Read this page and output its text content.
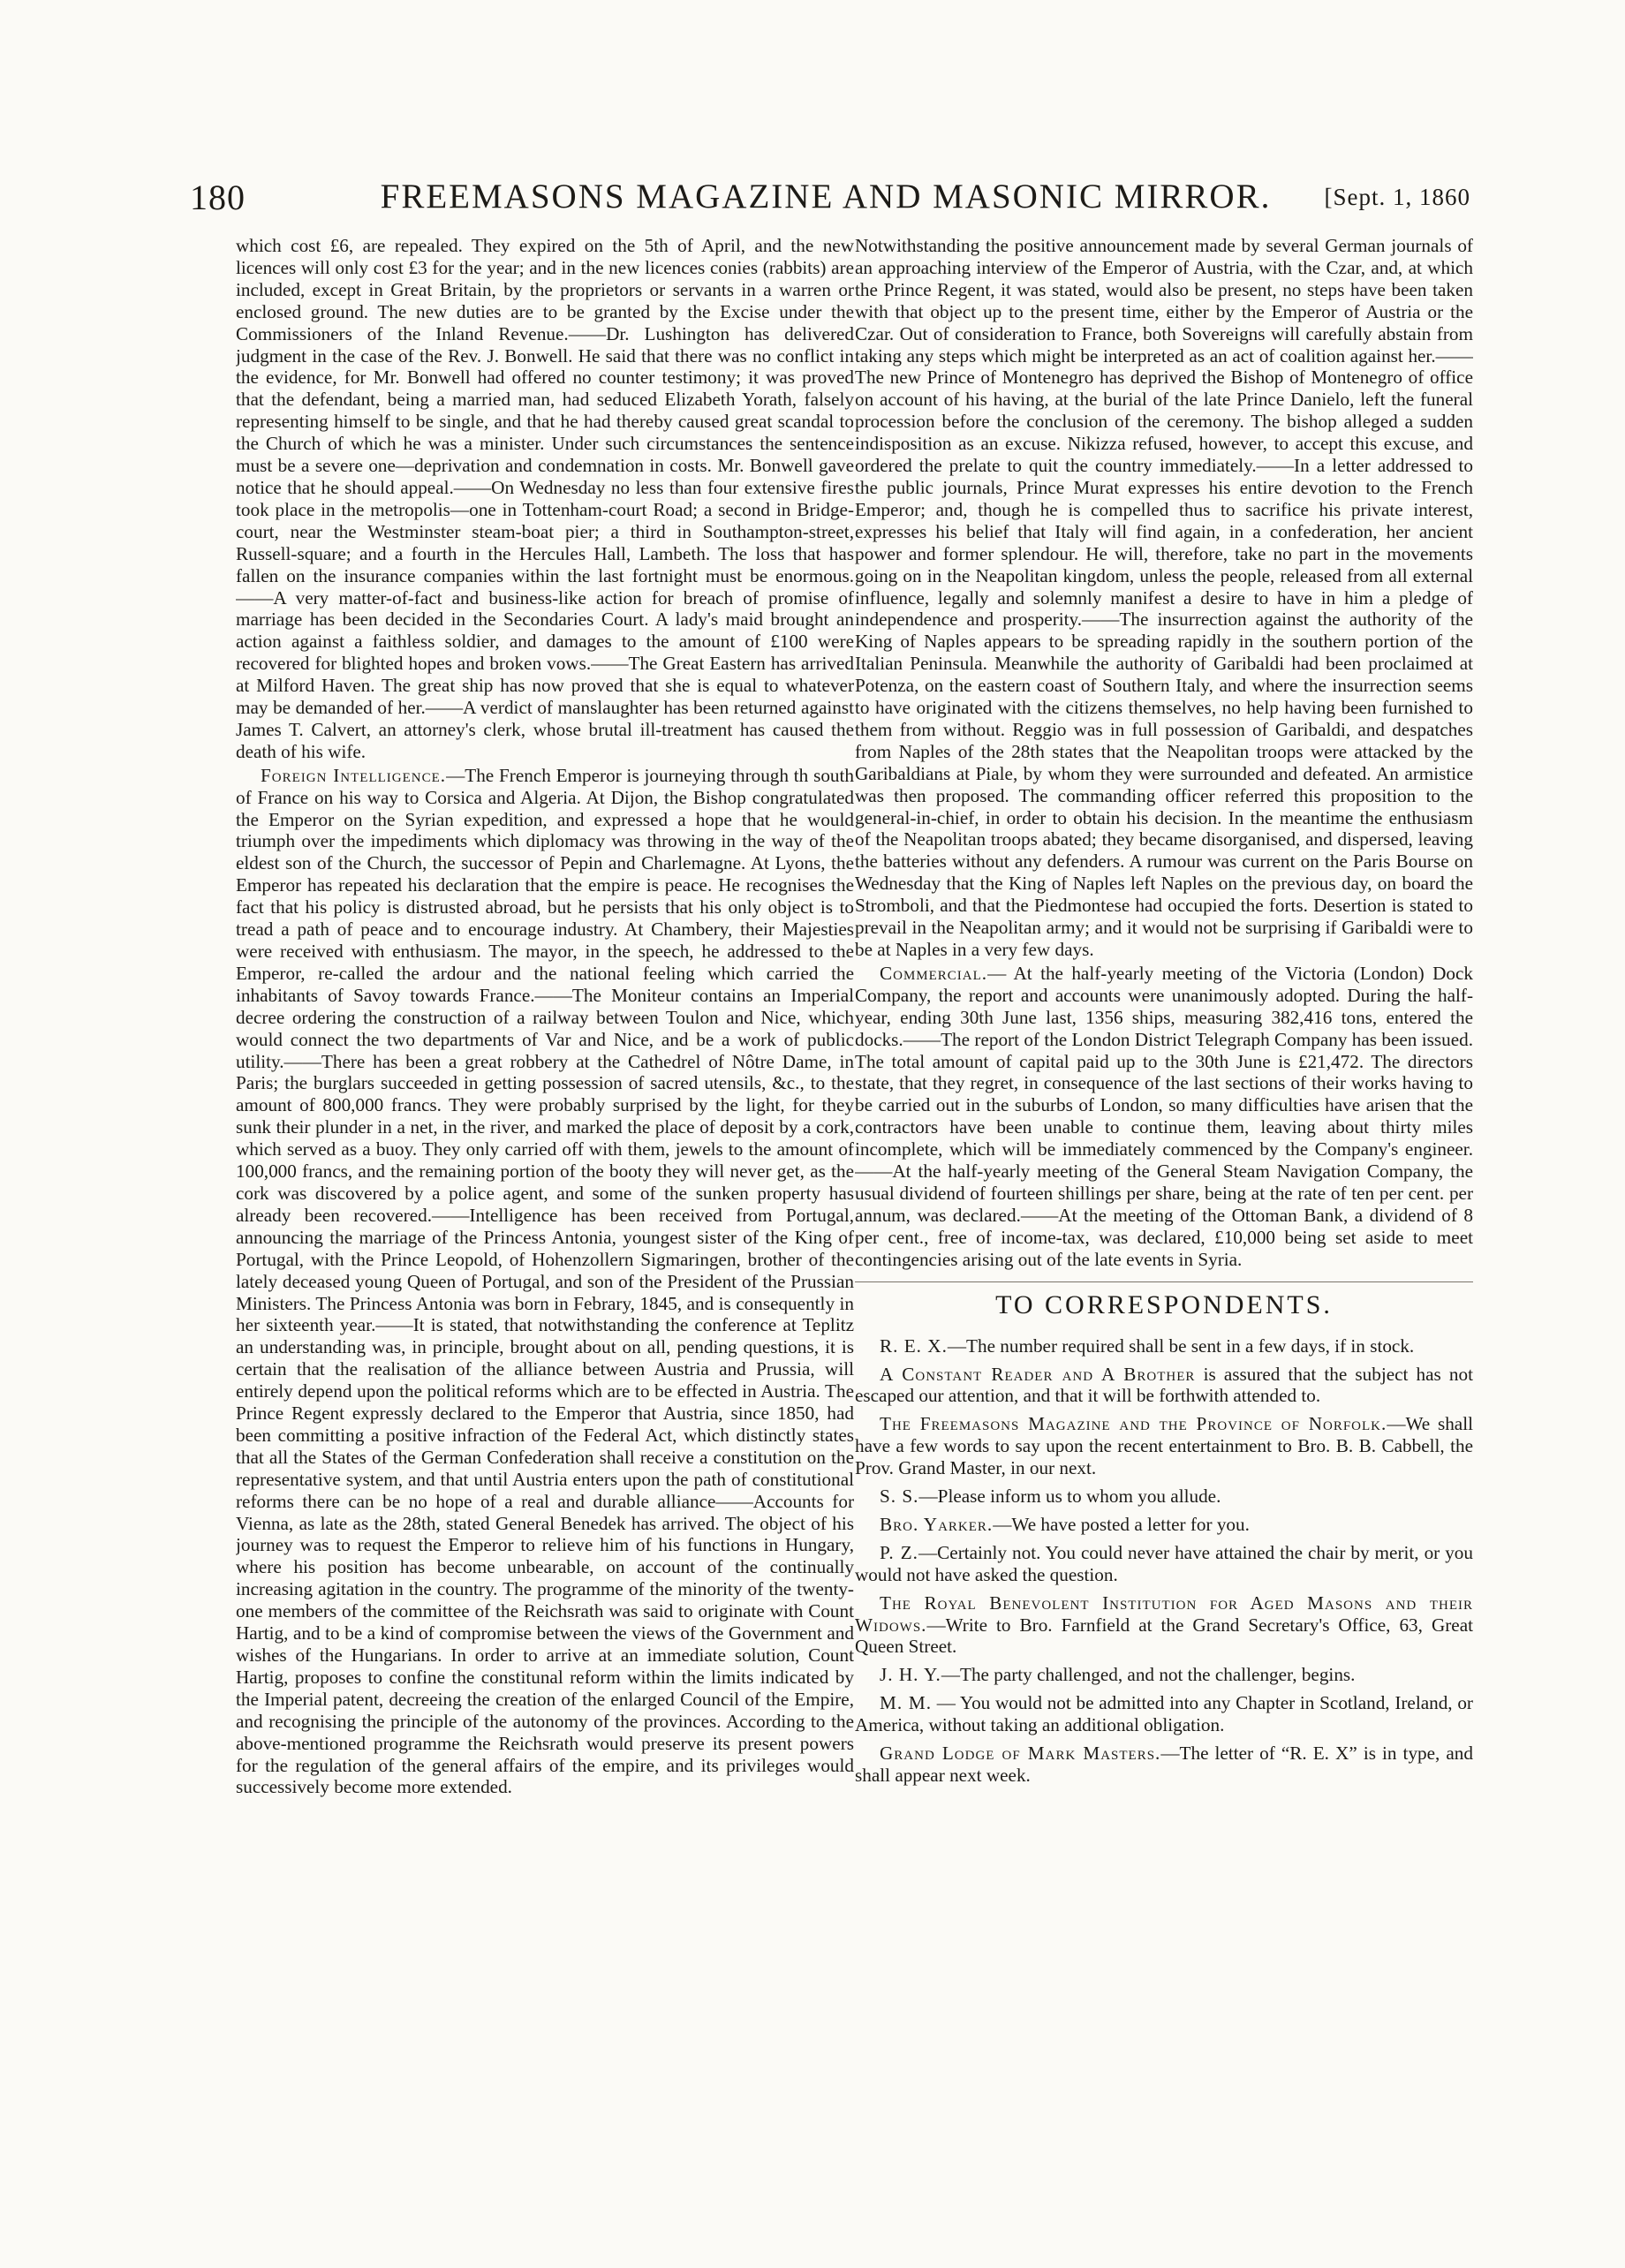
180	FREEMASONS MAGAZINE AND MASONIC MIRROR.	[Sept. 1, 1860

which cost £6, are repealed. They expired on the 5th of April, and the new licences will only cost £3 for the year; and in the new licences conies (rabbits) are included, except in Great Britain, by the proprietors or servants in a warren or enclosed ground. The new duties are to be granted by the Excise under the Commissioners of the Inland Revenue.——Dr. Lushington has delivered judgment in the case of the Rev. J. Bonwell. He said that there was no conflict in the evidence, for Mr. Bonwell had offered no counter testimony; it was proved that the defendant, being a married man, had seduced Elizabeth Yorath, falsely representing himself to be single, and that he had thereby caused great scandal to the Church of which he was a minister. Under such circumstances the sentence must be a severe one—deprivation and condemnation in costs. Mr. Bonwell gave notice that he should appeal.——On Wednesday no less than four extensive fires took place in the metropolis—one in Tottenham-court Road; a second in Bridge-court, near the Westminster steam-boat pier; a third in Southampton-street, Russell-square; and a fourth in the Hercules Hall, Lambeth. The loss that has fallen on the insurance companies within the last fortnight must be enormous.——A very matter-of-fact and business-like action for breach of promise of marriage has been decided in the Secondaries Court. A lady's maid brought an action against a faithless soldier, and damages to the amount of £100 were recovered for blighted hopes and broken vows.——The Great Eastern has arrived at Milford Haven. The great ship has now proved that she is equal to whatever may be demanded of her.——A verdict of manslaughter has been returned against James T. Calvert, an attorney's clerk, whose brutal ill-treatment has caused the death of his wife.

Foreign Intelligence.—The French Emperor is journeying through th south of France on his way to Corsica and Algeria. At Dijon, the Bishop congratulated the Emperor on the Syrian expedition, and expressed a hope that he would triumph over the impediments which diplomacy was throwing in the way of the eldest son of the Church, the successor of Pepin and Charlemagne. At Lyons, the Emperor has repeated his declaration that the empire is peace. He recognises the fact that his policy is distrusted abroad, but he persists that his only object is to tread a path of peace and to encourage industry. At Chambery, their Majesties were received with enthusiasm. The mayor, in the speech, he addressed to the Emperor, re-called the ardour and the national feeling which carried the inhabitants of Savoy towards France.——The Moniteur contains an Imperial decree ordering the construction of a railway between Toulon and Nice, which would connect the two departments of Var and Nice, and be a work of public utility.——There has been a great robbery at the Cathedrel of Nôtre Dame, in Paris; the burglars succeeded in getting possession of sacred utensils, &c., to the amount of 800,000 francs. They were probably surprised by the light, for they sunk their plunder in a net, in the river, and marked the place of deposit by a cork, which served as a buoy. They only carried off with them, jewels to the amount of 100,000 francs, and the remaining portion of the booty they will never get, as the cork was discovered by a police agent, and some of the sunken property has already been recovered.——Intelligence has been received from Portugal, announcing the marriage of the Princess Antonia, youngest sister of the King of Portugal, with the Prince Leopold, of Hohenzollern Sigmaringen, brother of the lately deceased young Queen of Portugal, and son of the President of the Prussian Ministers. The Princess Antonia was born in Febrary, 1845, and is consequently in her sixteenth year.——It is stated, that notwithstanding the conference at Teplitz an understanding was, in principle, brought about on all, pending questions, it is certain that the realisation of the alliance between Austria and Prussia, will entirely depend upon the political reforms which are to be effected in Austria. The Prince Regent expressly declared to the Emperor that Austria, since 1850, had been committing a positive infraction of the Federal Act, which distinctly states that all the States of the German Confederation shall receive a constitution on the representative system, and that until Austria enters upon the path of constitutional reforms there can be no hope of a real and durable alliance——Accounts for Vienna, as late as the 28th, stated General Benedek has arrived. The object of his journey was to request the Emperor to relieve him of his functions in Hungary, where his position has become unbearable, on account of the continually increasing agitation in the country. The programme of the minority of the twenty-one members of the committee of the Reichsrath was said to originate with Count Hartig, and to be a kind of compromise between the views of the Government and wishes of the Hungarians. In order to arrive at an immediate solution, Count Hartig, proposes to confine the constitunal reform within the limits indicated by the Imperial patent, decreeing the creation of the enlarged Council of the Empire, and recognising the principle of the autonomy of the provinces. According to the above-mentioned programme the Reichsrath would preserve its present powers for the regulation of the general affairs of the empire, and its privileges would successively become more extended.

Notwithstanding the positive announcement made by several German journals of an approaching interview of the Emperor of Austria, with the Czar, and, at which the Prince Regent, it was stated, would also be present, no steps have been taken with that object up to the present time, either by the Emperor of Austria or the Czar. Out of consideration to France, both Sovereigns will carefully abstain from taking any steps which might be interpreted as an act of coalition against her.——The new Prince of Montenegro has deprived the Bishop of Montenegro of office on account of his having, at the burial of the late Prince Danielo, left the funeral procession before the conclusion of the ceremony. The bishop alleged a sudden indisposition as an excuse. Nikizza refused, however, to accept this excuse, and ordered the prelate to quit the country immediately.——In a letter addressed to the public journals, Prince Murat expresses his entire devotion to the French Emperor; and, though he is compelled thus to sacrifice his private interest, expresses his belief that Italy will find again, in a confederation, her ancient power and former splendour. He will, therefore, take no part in the movements going on in the Neapolitan kingdom, unless the people, released from all external influence, legally and solemnly manifest a desire to have in him a pledge of independence and prosperity.——The insurrection against the authority of the King of Naples appears to be spreading rapidly in the southern portion of the Italian Peninsula. Meanwhile the authority of Garibaldi had been proclaimed at Potenza, on the eastern coast of Southern Italy, and where the insurrection seems to have originated with the citizens themselves, no help having been furnished to them from without. Reggio was in full possession of Garibaldi, and despatches from Naples of the 28th states that the Neapolitan troops were attacked by the Garibaldians at Piale, by whom they were surrounded and defeated. An armistice was then proposed. The commanding officer referred this proposition to the general-in-chief, in order to obtain his decision. In the meantime the enthusiasm of the Neapolitan troops abated; they became disorganised, and dispersed, leaving the batteries without any defenders. A rumour was current on the Paris Bourse on Wednesday that the King of Naples left Naples on the previous day, on board the Stromboli, and that the Piedmontese had occupied the forts. Desertion is stated to prevail in the Neapolitan army; and it would not be surprising if Garibaldi were to be at Naples in a very few days.

Commercial.— At the half-yearly meeting of the Victoria (London) Dock Company, the report and accounts were unanimously adopted. During the half-year, ending 30th June last, 1356 ships, measuring 382,416 tons, entered the docks.——The report of the London District Telegraph Company has been issued. The total amount of capital paid up to the 30th June is £21,472. The directors state, that they regret, in consequence of the last sections of their works having to be carried out in the suburbs of London, so many difficulties have arisen that the contractors have been unable to continue them, leaving about thirty miles incomplete, which will be immediately commenced by the Company's engineer.——At the half-yearly meeting of the General Steam Navigation Company, the usual dividend of fourteen shillings per share, being at the rate of ten per cent. per annum, was declared.——At the meeting of the Ottoman Bank, a dividend of 8 per cent., free of income-tax, was declared, £10,000 being set aside to meet contingencies arising out of the late events in Syria.

TO CORRESPONDENTS.

R. E. X.—The number required shall be sent in a few days, if in stock.

A Constant Reader and A Brother is assured that the subject has not escaped our attention, and that it will be forthwith attended to.

The Freemasons Magazine and the Province of Norfolk.—We shall have a few words to say upon the recent entertainment to Bro. B. B. Cabbell, the Prov. Grand Master, in our next.

S. S.—Please inform us to whom you allude.

Bro. Yarker.—We have posted a letter for you.

P. Z.—Certainly not. You could never have attained the chair by merit, or you would not have asked the question.

The Royal Benevolent Institution for Aged Masons and their Widows.—Write to Bro. Farnfield at the Grand Secretary's Office, 63, Great Queen Street.

J. H. Y.—The party challenged, and not the challenger, begins.

M. M. — You would not be admitted into any Chapter in Scotland, Ireland, or America, without taking an additional obligation.

Grand Lodge of Mark Masters.—The letter of “R. E. X” is in type, and shall appear next week.
